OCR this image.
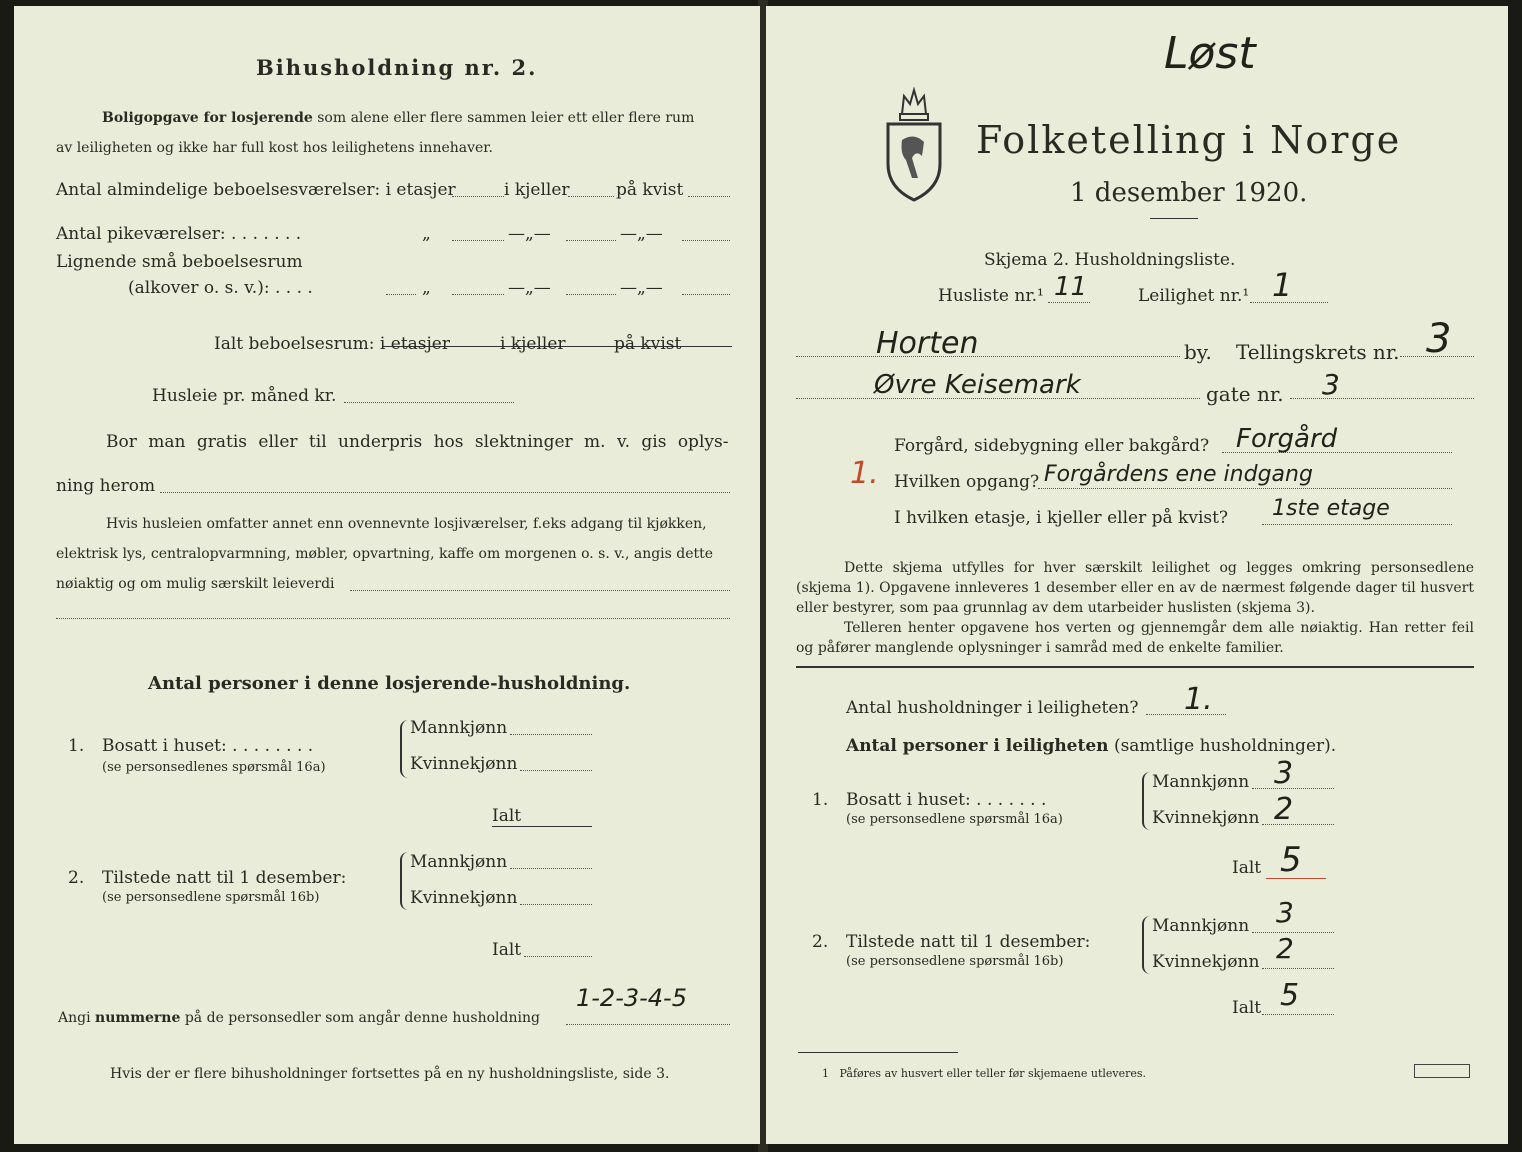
Bihusholdning nr. 2.
Boligopgave for losjerende som alene eller flere sammen leier ett eller flere rum
av leiligheten og ikke har full kost hos leilighetens innehaver.
Antal almindelige beboelsesværelser: i etasjer	i kjeller	på kvist
Antal pikeværelser: . . . . . . .	„	—„—	—„—
Lignende små beboelsesrum
(alkover o. s. v.): . . . .	„	—„—	—„—
Ialt beboelsesrum: i etasjer	i kjeller	på kvist
Husleie pr. måned kr.
Bor man gratis eller til underpris hos slektninger m. v. gis oplys-
ning herom
Hvis husleien omfatter annet enn ovennevnte losjiværelser, f.eks adgang til kjøkken,
elektrisk lys, centralopvarmning, møbler, opvartning, kaffe om morgenen o. s. v., angis dette
nøiaktig og om mulig særskilt leieverdi
Antal personer i denne losjerende-husholdning.
1. Bosatt i huset: . . . . . . . .
(se personsedlenes spørsmål 16a)
Mannkjønn
Kvinnekjønn
Ialt
2. Tilstede natt til 1 desember:
(se personsedlene spørsmål 16b)
Mannkjønn
Kvinnekjønn
Ialt
Angi nummerne på de personsedler som angår denne husholdning
1-2-3-4-5
Hvis der er flere bihusholdninger fortsettes på en ny husholdningsliste, side 3.
Løst
Folketelling i Norge
1 desember 1920.
Skjema 2. Husholdningsliste.
Husliste nr.¹ 11	Leilighet nr.¹ 1
Horten	by. Tellingskrets nr. 3
Øvre Keisemark	gate nr. 3
Forgård, sidebygning eller bakgård? Forgård
1. Hvilken opgang? Forgårdens ene indgang
I hvilken etasje, i kjeller eller på kvist? 1ste etage
Dette skjema utfylles for hver særskilt leilighet og legges omkring personsedlene (skjema 1). Opgavene innleveres 1 desember eller en av de nærmest følgende dager til husvert eller bestyrer, som paa grunnlag av dem utarbeider huslisten (skjema 3).
Telleren henter opgavene hos verten og gjennemgår dem alle nøiaktig. Han retter feil og påfører manglende oplysninger i samråd med de enkelte familier.
Antal husholdninger i leiligheten? 1.
Antal personer i leiligheten (samtlige husholdninger).
1. Bosatt i huset: . . . . . . .
(se personsedlene spørsmål 16a)
Mannkjønn 3
Kvinnekjønn 2
Ialt 5
2. Tilstede natt til 1 desember:
(se personsedlene spørsmål 16b)
Mannkjønn 3
Kvinnekjønn 2
Ialt 5
1 Påføres av husvert eller teller før skjemaene utleveres.
